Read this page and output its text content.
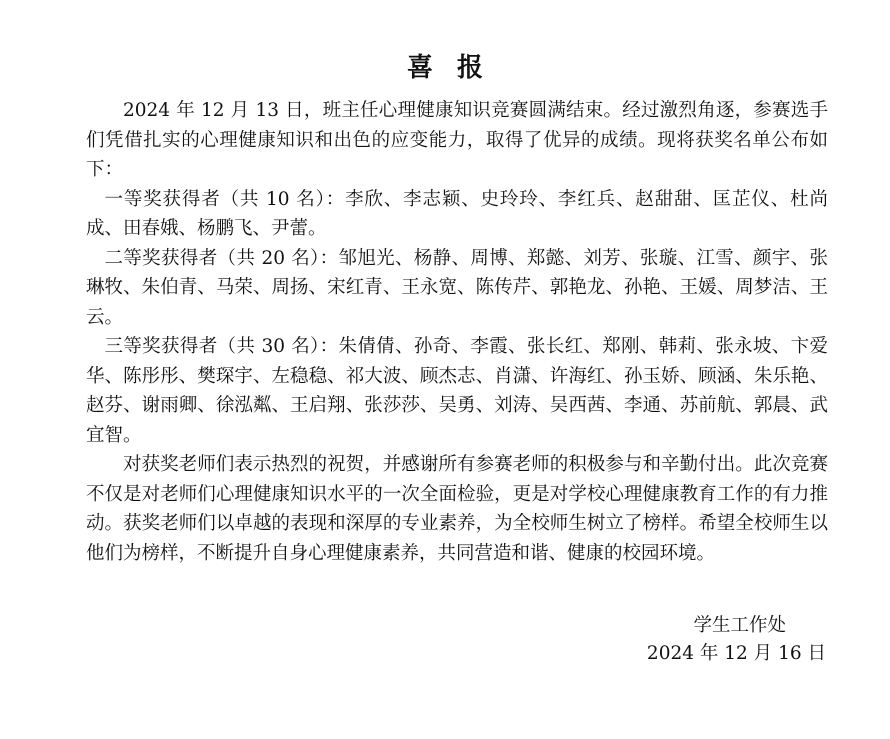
喜报

2024 年 12 月 13 日，班主任心理健康知识竞赛圆满结束。经过激烈角逐，参赛选手们凭借扎实的心理健康知识和出色的应变能力，取得了优异的成绩。现将获奖名单公布如下：

一等奖获得者（共 10 名）：李欣、李志颖、史玲玲、李红兵、赵甜甜、匡芷仪、杜尚成、田春娥、杨鹏飞、尹蕾。

二等奖获得者（共 20 名）：邹旭光、杨静、周博、郑懿、刘芳、张璇、江雪、颜宇、张琳牧、朱伯青、马荣、周扬、宋红青、王永宽、陈传芹、郭艳龙、孙艳、王媛、周梦洁、王云。

三等奖获得者（共 30 名）：朱倩倩、孙奇、李霞、张长红、郑刚、韩莉、张永坡、卞爱华、陈彤彤、樊琛宇、左稳稳、祁大波、顾杰志、肖潇、许海红、孙玉娇、顾涵、朱乐艳、赵芬、谢雨卿、徐泓粼、王启翔、张莎莎、吴勇、刘涛、吴西茜、李通、苏前航、郭晨、武宜智。

对获奖老师们表示热烈的祝贺，并感谢所有参赛老师的积极参与和辛勤付出。此次竞赛不仅是对老师们心理健康知识水平的一次全面检验，更是对学校心理健康教育工作的有力推动。获奖老师们以卓越的表现和深厚的专业素养，为全校师生树立了榜样。希望全校师生以他们为榜样，不断提升自身心理健康素养，共同营造和谐、健康的校园环境。

学生工作处
2024 年 12 月 16 日
